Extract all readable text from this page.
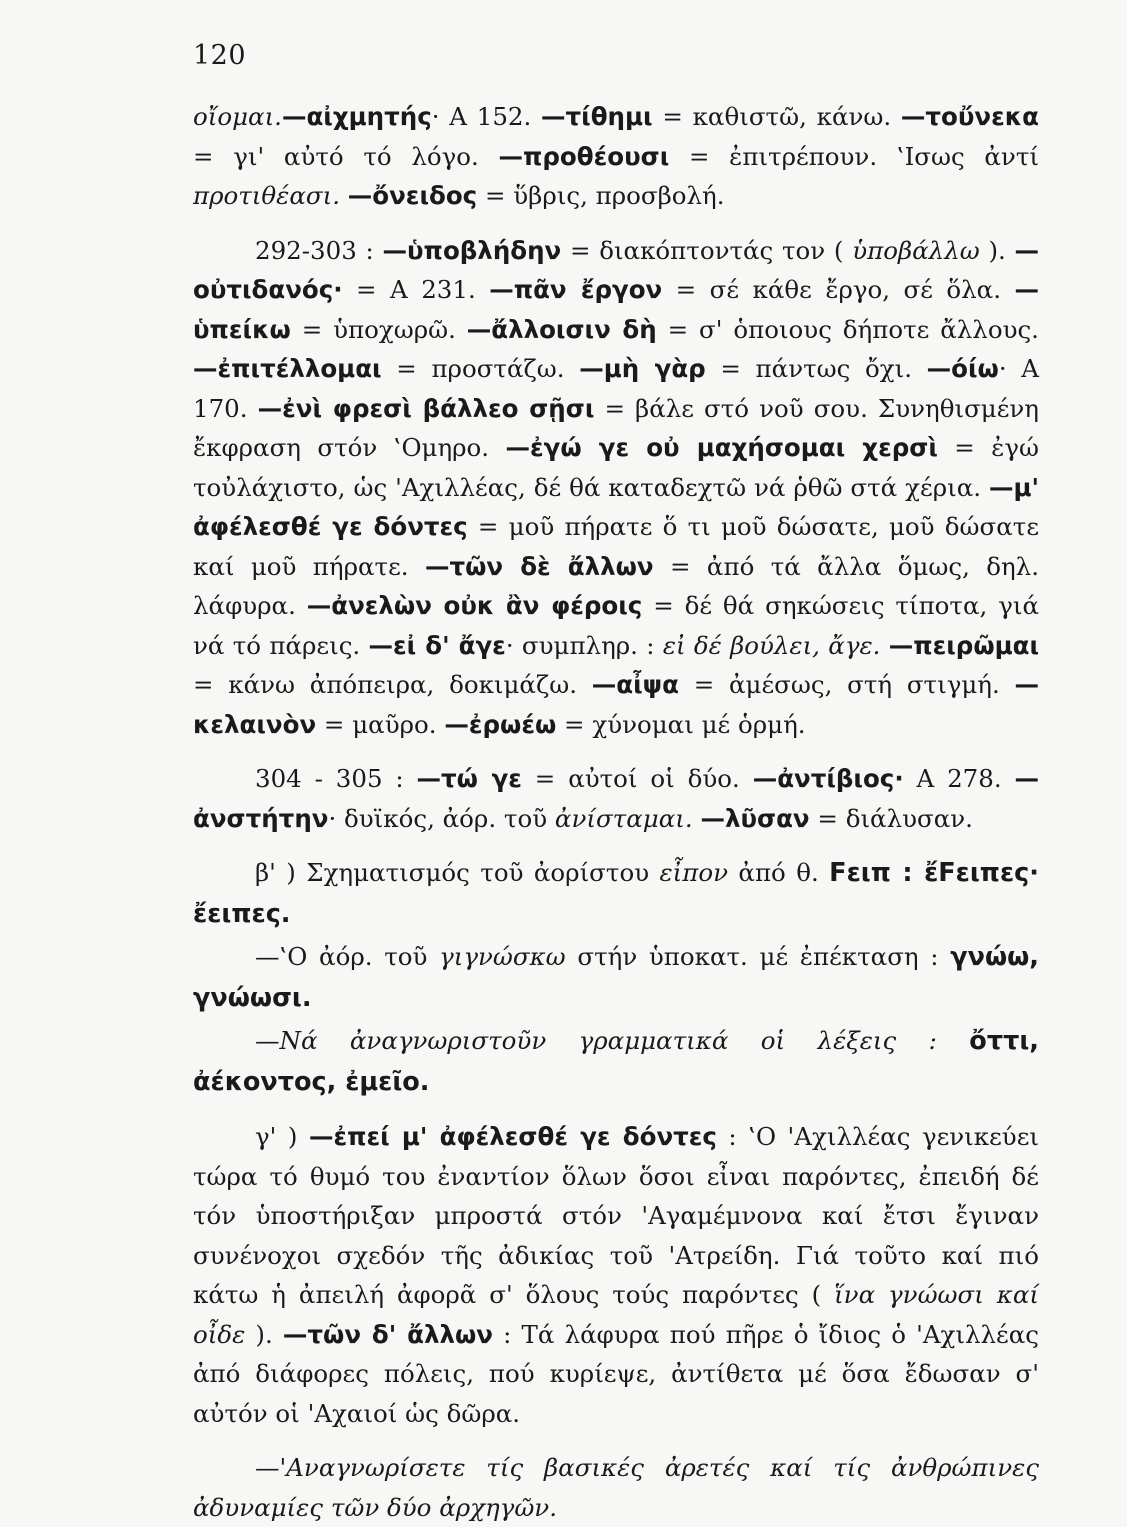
120

οἴομαι.—αἰχμητής· Α 152. —τίθημι = καθιστῶ, κάνω. —τοὔνεκα = γι' αὐτό τό λόγο. —προθέουσι = ἐπιτρέπουν. ‛Ισως ἀντί προτιθέασι. —ὄνειδος = ὕβρις, προσβολή.

292-303 : —ὑποβλήδην = διακόπτοντάς τον ( ὑποβάλλω ). —οὐτιδανός· = Α 231. —πᾶν ἔργον = σέ κάθε ἔργο, σέ ὅλα. —ὑπείκω = ὑποχωρῶ. —ἄλλοισιν δὴ = σ' ὁποιους δήποτε ἄλλους. —ἐπιτέλλομαι = προστάζω. —μὴ γὰρ = πάντως ὄχι. —όίω· Α 170. —ἐνὶ φρεσὶ βάλλεο σῇσι = βάλε στό νοῦ σου. Συνηθισμένη ἔκφραση στόν ‛Ομηρο. —ἐγώ γε οὐ μαχήσομαι χερσὶ = ἐγώ τοὐλάχιστο, ὡς 'Αχιλλέας, δέ θά καταδεχτῶ νά ῥθῶ στά χέρια. —μ' ἀφέλεσθέ γε δόντες = μοῦ πήρατε ὅ τι μοῦ δώσατε, μοῦ δώσατε καί μοῦ πήρατε. —τῶν δὲ ἄλλων = ἀπό τά ἄλλα ὅμως, δηλ. λάφυρα. —ἀνελὼν οὐκ ἂν φέροις = δέ θά σηκώσεις τίποτα, γιά νά τό πάρεις. —εἰ δ' ἄγε· συμπληρ. : εἰ δέ βούλει, ἄγε. —πειρῶμαι = κάνω ἀπόπειρα, δοκιμάζω. —αἶψα = ἀμέσως, στή στιγμή. —κελαινὸν = μαῦρο. —ἐρωέω = χύνομαι μέ ὁρμή.

304 - 305 : —τώ γε = αὐτοί οἱ δύο. —ἀντίβιος· Α 278. —ἀνστήτην· δυϊκός, ἀόρ. τοῦ ἀνίσταμαι. —λῦσαν = διάλυσαν.

β' ) Σχηματισμός τοῦ ἀορίστου εἶπον ἀπό θ. Fειπ : ἔFειπες· ἔειπες.

—‛Ο ἀόρ. τοῦ γιγνώσκω στήν ὑποκατ. μέ ἐπέκταση : γνώω, γνώωσι.

—Νά ἀναγνωριστοῦν γραμματικά οἱ λέξεις : ὄττι, ἀέκοντος, ἐμεῖο.

γ' ) —ἐπεί μ' ἀφέλεσθέ γε δόντες : ‛Ο 'Αχιλλέας γενικεύει τώρα τό θυμό του ἐναντίον ὅλων ὅσοι εἶναι παρόντες, ἐπειδή δέ τόν ὑποστήριξαν μπροστά στόν 'Αγαμέμνονα καί ἔτσι ἔγιναν συνένοχοι σχεδόν τῆς ἀδικίας τοῦ 'Ατρείδη. Γιά τοῦτο καί πιό κάτω ἡ ἀπειλή ἀφορᾶ σ' ὅλους τούς παρόντες ( ἵνα γνώωσι καί οἶδε ). —τῶν δ' ἄλλων : Τά λάφυρα πού πῆρε ὁ ἴδιος ὁ 'Αχιλλέας ἀπό διάφορες πόλεις, πού κυρίεψε, ἀντίθετα μέ ὅσα ἔδωσαν σ' αὐτόν οἱ 'Αχαιοί ὡς δῶρα.

—'Αναγνωρίσετε τίς βασικές ἀρετές καί τίς ἀνθρώπινες ἀδυναμίες τῶν δύο ἀρχηγῶν.
